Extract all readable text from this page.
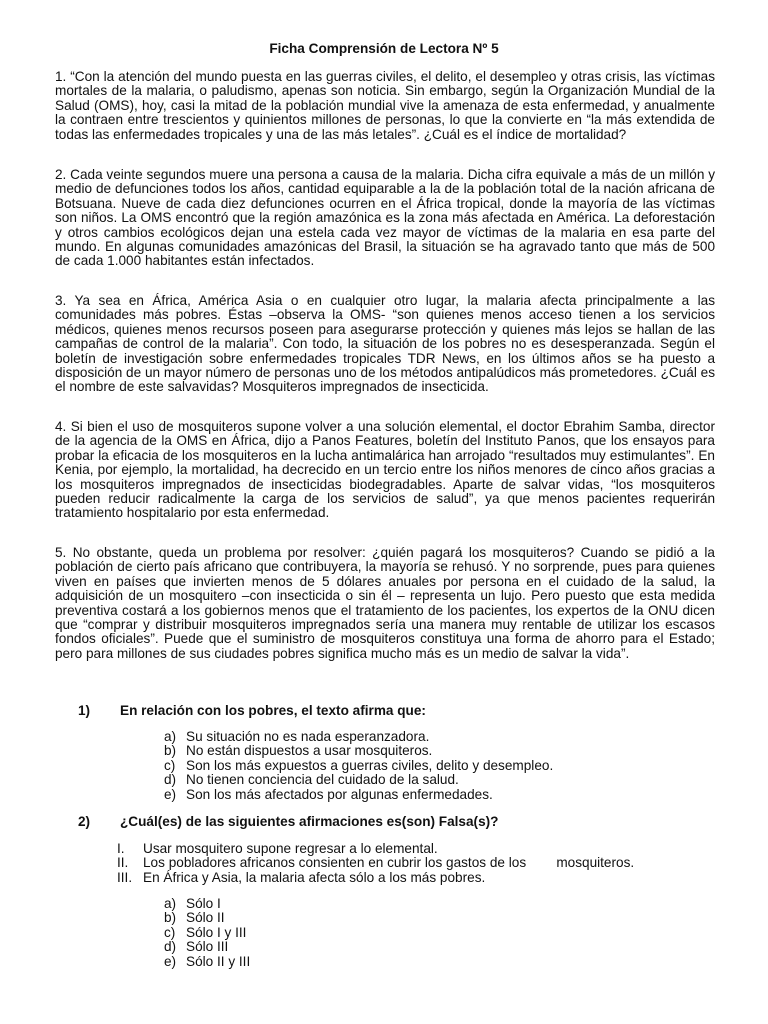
Ficha Comprensión de Lectora Nº 5

1. “Con la atención del mundo puesta en las guerras civiles, el delito, el desempleo y otras crisis, las víctimas mortales de la malaria, o paludismo, apenas son noticia. Sin embargo, según la Organización Mundial de la Salud (OMS), hoy, casi la mitad de la población mundial vive la amenaza de esta enfermedad, y anualmente la contraen entre trescientos y quinientos millones de personas, lo que la convierte en “la más extendida de todas las enfermedades tropicales y una de las más letales”. ¿Cuál es el índice de mortalidad?

2. Cada veinte segundos muere una persona a causa de la malaria. Dicha cifra equivale a más de un millón y medio de defunciones todos los años, cantidad equiparable a la de la población total de la nación africana de Botsuana. Nueve de cada diez defunciones ocurren en el África tropical, donde la mayoría de las víctimas son niños. La OMS encontró que la región amazónica es la zona más afectada en América. La deforestación y otros cambios ecológicos dejan una estela cada vez mayor de víctimas de la malaria en esa parte del mundo. En algunas comunidades amazónicas del Brasil, la situación se ha agravado tanto que más de 500 de cada 1.000 habitantes están infectados.

3. Ya sea en África, América Asia o en cualquier otro lugar, la malaria afecta principalmente a las comunidades más pobres. Éstas –observa la OMS- “son quienes menos acceso tienen a los servicios médicos, quienes menos recursos poseen para asegurarse protección y quienes más lejos se hallan de las campañas de control de la malaria”. Con todo, la situación de los pobres no es desesperanzada. Según el boletín de investigación sobre enfermedades tropicales TDR News, en los últimos años se ha puesto a disposición de un mayor número de personas uno de los métodos antipalúdicos más prometedores. ¿Cuál es el nombre de este salvavidas? Mosquiteros impregnados de insecticida.

4. Si bien el uso de mosquiteros supone volver a una solución elemental, el doctor Ebrahim Samba, director de la agencia de la OMS en África, dijo a Panos Features, boletín del Instituto Panos, que los ensayos para probar la eficacia de los mosquiteros en la lucha antimalárica han arrojado “resultados muy estimulantes”. En Kenia, por ejemplo, la mortalidad, ha decrecido en un tercio entre los niños menores de cinco años gracias a los mosquiteros impregnados de insecticidas biodegradables. Aparte de salvar vidas, “los mosquiteros pueden reducir radicalmente la carga de los servicios de salud”, ya que menos pacientes requerirán tratamiento hospitalario por esta enfermedad.

5. No obstante, queda un problema por resolver: ¿quién pagará los mosquiteros? Cuando se pidió a la población de cierto país africano que contribuyera, la mayoría se rehusó. Y no sorprende, pues para quienes viven en países que invierten menos de 5 dólares anuales por persona en el cuidado de la salud, la adquisición de un mosquitero –con insecticida o sin él – representa un lujo. Pero puesto que esta medida preventiva costará a los gobiernos menos que el tratamiento de los pacientes, los expertos de la ONU dicen que “comprar y distribuir mosquiteros impregnados sería una manera muy rentable de utilizar los escasos fondos oficiales”. Puede que el suministro de mosquiteros constituya una forma de ahorro para el Estado; pero para millones de sus ciudades pobres significa mucho más es un medio de salvar la vida”.

1) En relación con los pobres, el texto afirma que:
a) Su situación no es nada esperanzadora.
b) No están dispuestos a usar mosquiteros.
c) Son los más expuestos a guerras civiles, delito y desempleo.
d) No tienen conciencia del cuidado de la salud.
e) Son los más afectados por algunas enfermedades.
2) ¿Cuál(es) de las siguientes afirmaciones es(son) Falsa(s)?
I. Usar mosquitero supone regresar a lo elemental.
II. Los pobladores africanos consienten en cubrir los gastos de los        mosquiteros.
III. En África y Asia, la malaria afecta sólo a los más pobres.
a) Sólo I
b) Sólo II
c) Sólo I y III
d) Sólo III
e) Sólo II y III
